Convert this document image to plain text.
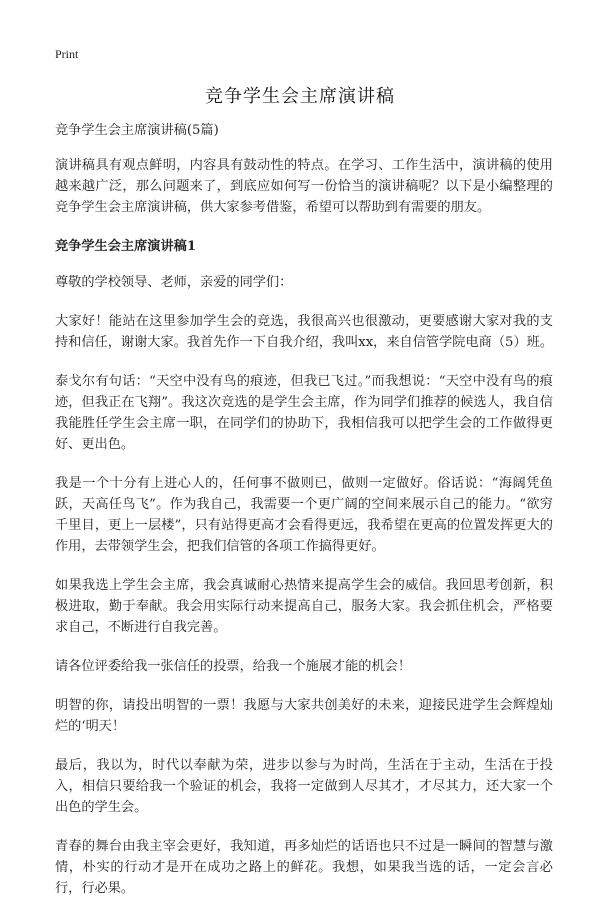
Print
竞争学生会主席演讲稿

竞争学生会主席演讲稿(5篇)

演讲稿具有观点鲜明，内容具有鼓动性的特点。在学习、工作生活中，演讲稿的使用越来越广泛，那么问题来了，到底应如何写一份恰当的演讲稿呢？以下是小编整理的竞争学生会主席演讲稿，供大家参考借鉴，希望可以帮助到有需要的朋友。

竞争学生会主席演讲稿1

尊敬的学校领导、老师，亲爱的同学们：

大家好！能站在这里参加学生会的竞选，我很高兴也很激动，更要感谢大家对我的支持和信任，谢谢大家。我首先作一下自我介绍，我叫xx，来自信管学院电商（5）班。

泰戈尔有句话：“天空中没有鸟的痕迹，但我已飞过。”而我想说：“天空中没有鸟的痕迹，但我正在飞翔”。我这次竞选的是学生会主席，作为同学们推荐的候选人，我自信我能胜任学生会主席一职，在同学们的协助下，我相信我可以把学生会的工作做得更好、更出色。

我是一个十分有上进心人的，任何事不做则已，做则一定做好。俗话说：“海阔凭鱼跃，天高任鸟飞”。作为我自己，我需要一个更广阔的空间来展示自己的能力。“欲穷千里目，更上一层楼”，只有站得更高才会看得更远，我希望在更高的位置发挥更大的作用，去带领学生会，把我们信管的各项工作搞得更好。

如果我选上学生会主席，我会真诚耐心热情来提高学生会的威信。我回思考创新，积极进取，勤于奉献。我会用实际行动来提高自己，服务大家。我会抓住机会，严格要求自己，不断进行自我完善。

请各位评委给我一张信任的投票，给我一个施展才能的机会！

明智的你，请投出明智的一票！我愿与大家共创美好的未来，迎接民进学生会辉煌灿烂的‘明天！

最后，我以为，时代以奉献为荣，进步以参与为时尚，生活在于主动，生活在于投入，相信只要给我一个验证的机会，我将一定做到人尽其才，才尽其力，还大家一个出色的学生会。

青春的舞台由我主宰会更好，我知道，再多灿烂的话语也只不过是一瞬间的智慧与激情，朴实的行动才是开在成功之路上的鲜花。我想，如果我当选的话，一定会言必行，行必果。
